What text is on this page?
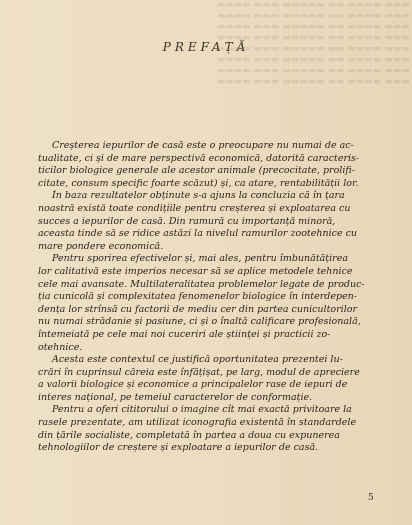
▬▬▬ ▬▬▬▬ ▬▬ ▬▬▬▬▬ ▬▬▬ ▬▬▬▬
▬▬▬ ▬▬▬▬ ▬▬ ▬▬▬▬▬ ▬▬▬ ▬▬▬▬
▬▬▬ ▬▬▬▬ ▬▬ ▬▬▬▬▬ ▬▬▬ ▬▬▬▬
▬▬▬ ▬▬▬▬ ▬▬ ▬▬▬▬▬ ▬▬▬ ▬▬▬▬
▬▬▬ ▬▬▬▬ ▬▬ ▬▬▬▬▬ ▬▬▬ ▬▬▬▬
▬▬▬ ▬▬▬▬ ▬▬ ▬▬▬▬▬ ▬▬▬ ▬▬▬▬
▬▬▬ ▬▬▬▬ ▬▬ ▬▬▬▬▬ ▬▬▬ ▬▬▬▬
▬▬▬ ▬▬▬▬ ▬▬ ▬▬▬▬▬ ▬▬▬ ▬▬▬▬

PREFAȚĂ
Creșterea iepurilor de casă este o preocupare nu numai de ac-
tualitate, ci și de mare perspectivă economică, datorită caracteris-
ticilor biologice generale ale acestor animale (precocitate, prolifi-
citate, consum specific foarte scăzut) și, ca atare, rentabilității lor.
În baza rezultatelor obținute s-a ajuns la concluzia că în țara
noastră există toate condițiile pentru creșterea și exploatarea cu
succes a iepurilor de casă. Din ramură cu importanță minoră,
aceasta tinde să se ridice astăzi la nivelul ramurilor zootehnice cu
mare pondere economică.
Pentru sporirea efectivelor și, mai ales, pentru îmbunătățirea
lor calitativă este imperios necesar să se aplice metodele tehnice
cele mai avansate. Multilateralitatea problemelor legate de produc-
ția cunicolă și complexitatea fenomenelor biologice în interdepen-
dența lor strînsă cu factorii de mediu cer din partea cunicultorilor
nu numai strădanie și pasiune, ci și o înaltă calificare profesională,
întemeiată pe cele mai noi cuceriri ale științei și practicii zo-
otehnice.
Acesta este contextul ce justifică oportunitatea prezentei lu-
crări în cuprinsul căreia este înfățișat, pe larg, modul de apreciere
a valorii biologice și economice a principalelor rase de iepuri de
interes național, pe temeiul caracterelor de conformație.
Pentru a oferi cititorului o imagine cît mai exactă privitoare la
rasele prezentate, am utilizat iconografia existentă în standardele
din țările socialiste, completată în partea a doua cu expunerea
tehnologiilor de creștere și exploatare a iepurilor de casă.
5
